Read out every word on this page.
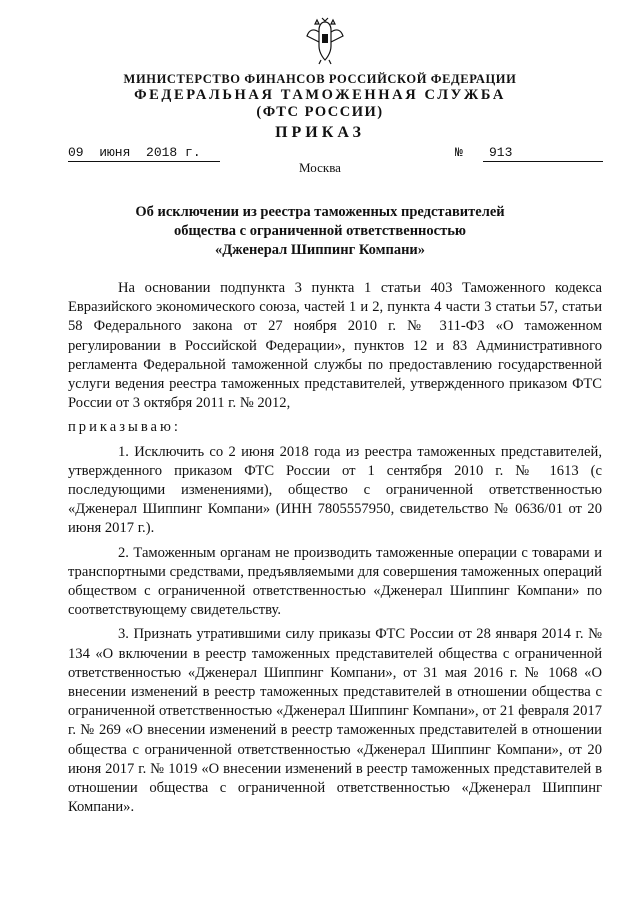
МИНИСТЕРСТВО ФИНАНСОВ РОССИЙСКОЙ ФЕДЕРАЦИИ
ФЕДЕРАЛЬНАЯ ТАМОЖЕННАЯ СЛУЖБА
(ФТС РОССИИ)
ПРИКАЗ
09  июня  2018 г.	№	913
Москва
Об исключении из реестра таможенных представителей
общества с ограниченной ответственностью
«Дженерал Шиппинг Компани»

На основании подпункта 3 пункта 1 статьи 403 Таможенного кодекса Евразийского экономического союза, частей 1 и 2, пункта 4 части 3 статьи 57, статьи 58 Федерального закона от 27 ноября 2010 г. № 311-ФЗ «О таможенном регулировании в Российской Федерации», пунктов 12 и 83 Административного регламента Федеральной таможенной службы по предоставлению государственной услуги ведения реестра таможенных представителей, утвержденного приказом ФТС России от 3 октября 2011 г. № 2012,

приказываю:

1. Исключить со 2 июня 2018 года из реестра таможенных представителей, утвержденного приказом ФТС России от 1 сентября 2010 г. № 1613 (с последующими изменениями), общество с ограниченной ответственностью «Дженерал Шиппинг Компани» (ИНН 7805557950, свидетельство № 0636/01 от 20 июня 2017 г.).

2. Таможенным органам не производить таможенные операции с товарами и транспортными средствами, предъявляемыми для совершения таможенных операций обществом с ограниченной ответственностью «Дженерал Шиппинг Компани» по соответствующему свидетельству.

3. Признать утратившими силу приказы ФТС России от 28 января 2014 г. № 134 «О включении в реестр таможенных представителей общества с ограниченной ответственностью «Дженерал Шиппинг Компани», от 31 мая 2016 г. № 1068 «О внесении изменений в реестр таможенных представителей в отношении общества с ограниченной ответственностью «Дженерал Шиппинг Компани», от 21 февраля 2017 г. № 269 «О внесении изменений в реестр таможенных представителей в отношении общества с ограниченной ответственностью «Дженерал Шиппинг Компани», от 20 июня 2017 г. № 1019 «О внесении изменений в реестр таможенных представителей в отношении общества с ограниченной ответственностью «Дженерал Шиппинг Компани».
